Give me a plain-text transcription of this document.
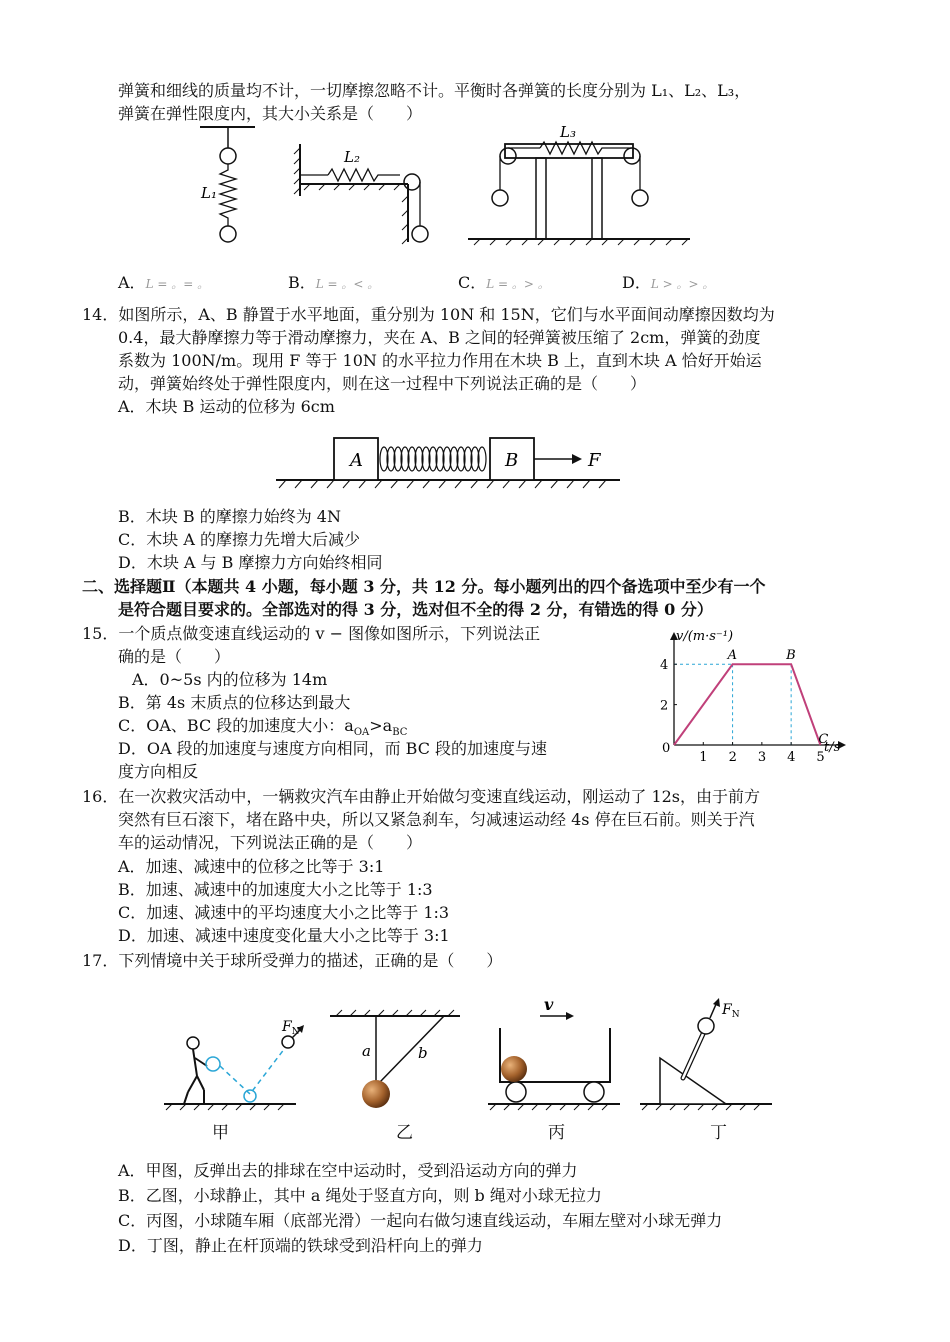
弹簧和细线的质量均不计，一切摩擦忽略不计。平衡时各弹簧的长度分别为 L₁、L₂、L₃，
弹簧在弹性限度内，其大小关系是（　　）
L₁
L₂
L₃
A．L = 。= 。	B．L = 。< 。	C．L = 。> 。	D．L > 。> 。
14．如图所示，A、B 静置于水平地面，重分别为 10N 和 15N，它们与水平面间动摩擦因数均为
0.4，最大静摩擦力等于滑动摩擦力，夹在 A、B 之间的轻弹簧被压缩了 2cm，弹簧的劲度
系数为 100N/m。现用 F 等于 10N 的水平拉力作用在木块 B 上，直到木块 A 恰好开始运
动，弹簧始终处于弹性限度内，则在这一过程中下列说法正确的是（　　）
A．木块 B 运动的位移为 6cm
A	B	F
B．木块 B 的摩擦力始终为 4N
C．木块 A 的摩擦力先增大后减少
D．木块 A 与 B 摩擦力方向始终相同
二、选择题Ⅱ（本题共 4 小题，每小题 3 分，共 12 分。每小题列出的四个备选项中至少有一个
是符合题目要求的。全部选对的得 3 分，选对但不全的得 2 分，有错选的得 0 分）
15．一个质点做变速直线运动的 v − 图像如图所示，下列说法正
确的是（　　）
A．0~5s 内的位移为 14m
B．第 4s 末质点的位移达到最大
C．OA、BC 段的加速度大小：$a_{OA}>a_{BC}$
D．OA 段的加速度与速度方向相同，而 BC 段的加速度与速
度方向相反
1 2 3 4 5
2
4
A	B
C
v/(m·s⁻¹)
t/s
0
16．在一次救灾活动中，一辆救灾汽车由静止开始做匀变速直线运动，刚运动了 12s，由于前方
突然有巨石滚下，堵在路中央，所以又紧急刹车，匀减速运动经 4s 停在巨石前。则关于汽
车的运动情况，下列说法正确的是（　　）
A．加速、减速中的位移之比等于 3:1
B．加速、减速中的加速度大小之比等于 1:3
C．加速、减速中的平均速度大小之比等于 1:3
D．加速、减速中速度变化量大小之比等于 3:1
17．下列情境中关于球所受弹力的描述，正确的是（　　）
$F_N$
a	b
v	$F_N$
甲	乙	丙	丁
A．甲图，反弹出去的排球在空中运动时，受到沿运动方向的弹力
B．乙图，小球静止，其中 a 绳处于竖直方向，则 b 绳对小球无拉力
C．丙图，小球随车厢（底部光滑）一起向右做匀速直线运动，车厢左壁对小球无弹力
D．丁图，静止在杆顶端的铁球受到沿杆向上的弹力
